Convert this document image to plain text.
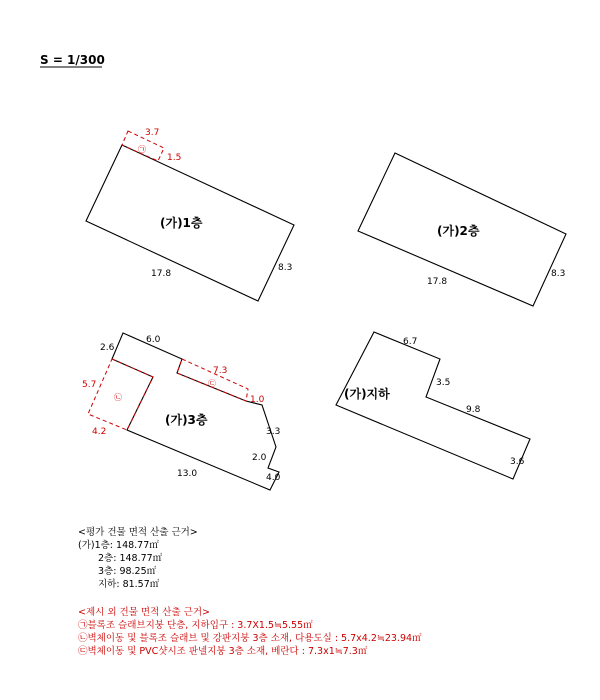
S = 1/300
3.7
㉠
1.5
(가)1층
17.8
8.3
(가)2층
17.8
8.3
2.6
6.0
7.3
㉢
1.0
5.7
㉡
4.2
(가)3층
3.3
2.0
4.0
13.0
6.7
3.5
(가)지하
9.8
3.6
<평가 건물 면적 산출 근거>
(가)1층: 148.77㎡
2층: 148.77㎡
3층: 98.25㎡
지하: 81.57㎡
<제시 외 건물 면적 산출 근거>
㉠블록조 슬래브지붕 단층, 지하입구 : 3.7X1.5≒5.55㎡
㉡벽체이동 및 블록조 슬래브 및 강판지붕 3층 소재, 다용도실 : 5.7x4.2≒23.94㎡
㉢벽체이동 및 PVC샷시조 판넬지붕 3층 소재, 베란다 : 7.3x1≒7.3㎡
